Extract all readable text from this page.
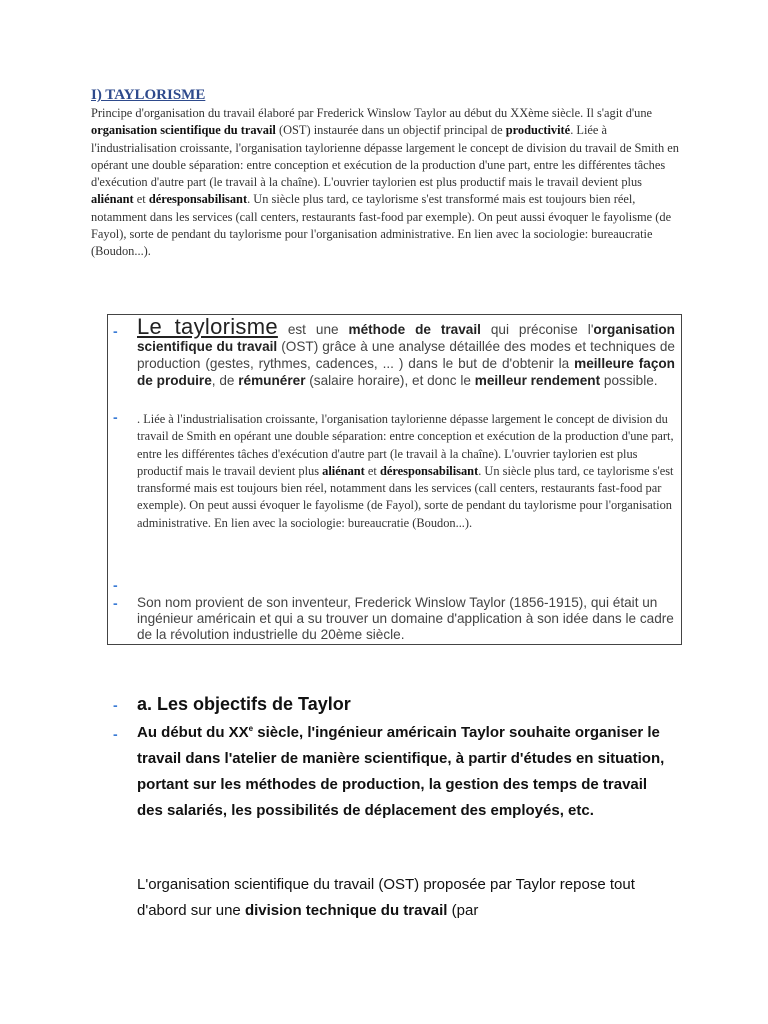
I) TAYLORISME

Principe d'organisation du travail élaboré par Frederick Winslow Taylor au début du XXème siècle. Il s'agit d'une organisation scientifique du travail (OST) instaurée dans un objectif principal de productivité. Liée à l'industrialisation croissante, l'organisation taylorienne dépasse largement le concept de division du travail de Smith en opérant une double séparation: entre conception et exécution de la production d'une part, entre les différentes tâches d'exécution d'autre part (le travail à la chaîne). L'ouvrier taylorien est plus productif mais le travail devient plus aliénant et déresponsabilisant. Un siècle plus tard, ce taylorisme s'est transformé mais est toujours bien réel, notamment dans les services (call centers, restaurants fast-food par exemple). On peut aussi évoquer le fayolisme (de Fayol), sorte de pendant du taylorisme pour l'organisation administrative. En lien avec la sociologie: bureaucratie (Boudon...).

- Le taylorisme est une méthode de travail qui préconise l'organisation scientifique du travail (OST) grâce à une analyse détaillée des modes et techniques de production (gestes, rythmes, cadences, ... ) dans le but de d'obtenir la meilleure façon de produire, de rémunérer (salaire horaire), et donc le meilleur rendement possible.

- . Liée à l'industrialisation croissante, l'organisation taylorienne dépasse largement le concept de division du travail de Smith en opérant une double séparation: entre conception et exécution de la production d'une part, entre les différentes tâches d'exécution d'autre part (le travail à la chaîne). L'ouvrier taylorien est plus productif mais le travail devient plus aliénant et déresponsabilisant. Un siècle plus tard, ce taylorisme s'est transformé mais est toujours bien réel, notamment dans les services (call centers, restaurants fast-food par exemple). On peut aussi évoquer le fayolisme (de Fayol), sorte de pendant du taylorisme pour l'organisation administrative. En lien avec la sociologie: bureaucratie (Boudon...).

-
- Son nom provient de son inventeur, Frederick Winslow Taylor (1856-1915), qui était un ingénieur américain et qui a su trouver un domaine d'application à son idée dans le cadre de la révolution industrielle du 20ème siècle.

- a. Les objectifs de Taylor
- Au début du XXe siècle, l'ingénieur américain Taylor souhaite organiser le travail dans l'atelier de manière scientifique, à partir d'études en situation, portant sur les méthodes de production, la gestion des temps de travail des salariés, les possibilités de déplacement des employés, etc.

L'organisation scientifique du travail (OST) proposée par Taylor repose tout d'abord sur une division technique du travail (par
